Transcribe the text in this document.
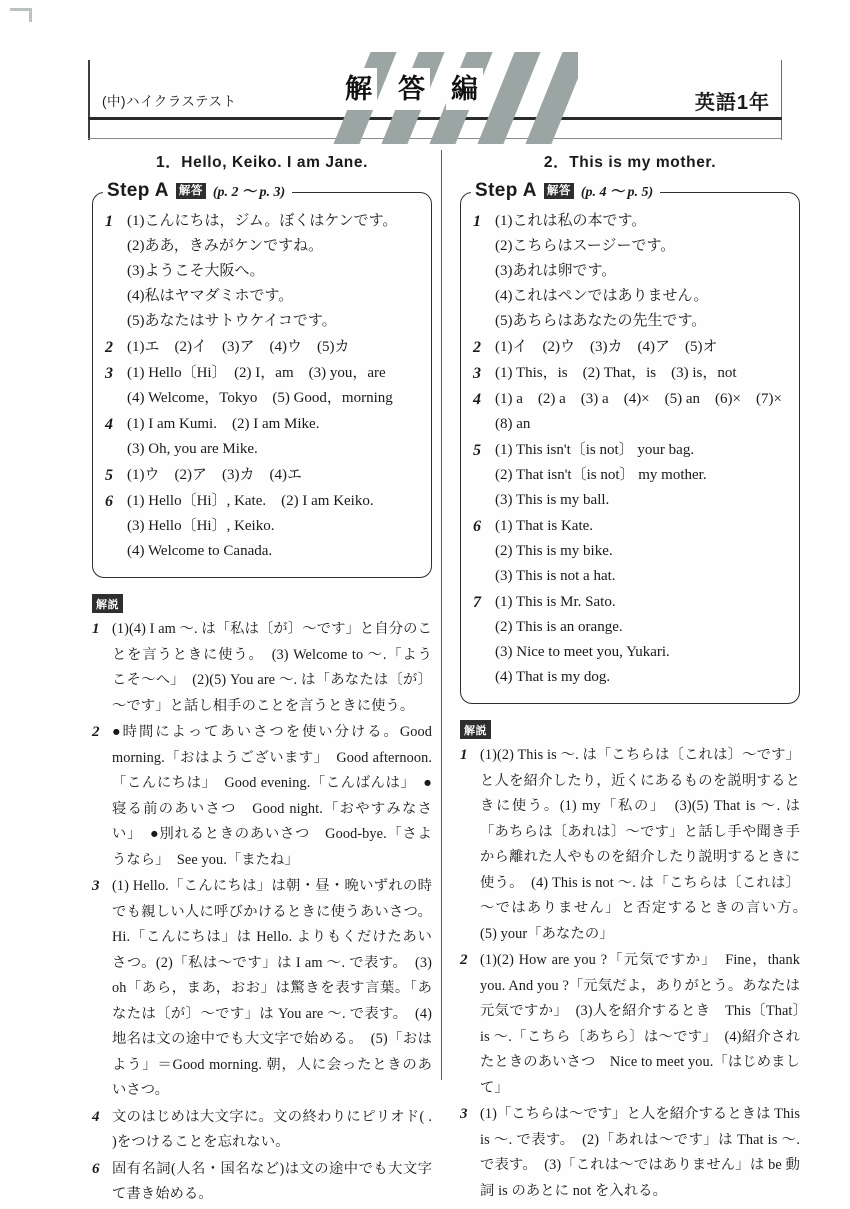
(中)ハイクラステスト	解 答 編	英語1年
1．Hello, Keiko. I am Jane.
Step A 解答 (p. 2 ～ p. 3)
1 (1)こんにちは，ジム。ぼくはケンです。
(2)ああ，きみがケンですね。
(3)ようこそ大阪へ。
(4)私はヤマダミホです。
(5)あなたはサトウケイコです。
2 (1)エ　(2)イ　(3)ア　(4)ウ　(5)カ
3 (1) Hello〔Hi〕　(2) I，am　(3) you，are
(4) Welcome，Tokyo　(5) Good，morning
4 (1) I am Kumi.　(2) I am Mike.
(3) Oh, you are Mike.
5 (1)ウ　(2)ア　(3)カ　(4)エ
6 (1) Hello〔Hi〕, Kate.　(2) I am Keiko.
(3) Hello〔Hi〕, Keiko.
(4) Welcome to Canada.
解説
1 (1)(4) I am ～. は「私は〔が〕～です」と自分のことを言うときに使う。　(3) Welcome to ～.「ようこそ～へ」　(2)(5) You are ～. は「あなたは〔が〕～です」と話し相手のことを言うときに使う。
2 ●時間によってあいさつを使い分ける。Good morning.「おはようございます」　Good afternoon.「こんにちは」　Good evening.「こんばんは」　●寝る前のあいさつ　Good night.「おやすみなさい」　●別れるときのあいさつ　Good-bye.「さようなら」　See you.「またね」
3 (1) Hello.「こんにちは」は朝・昼・晩いずれの時でも親しい人に呼びかけるときに使うあいさつ。Hi.「こんにちは」は Hello. よりもくだけたあいさつ。(2)「私は～です」は I am ～. で表す。　(3) oh「あら，まあ，おお」は驚きを表す言葉。「あなたは〔が〕～です」は You are ～. で表す。　(4)地名は文の途中でも大文字で始める。　(5)「おはよう」＝Good morning. 朝，人に会ったときのあいさつ。
4 文のはじめは大文字に。文の終わりにピリオド( . )をつけることを忘れない。
6 固有名詞(人名・国名など)は文の途中でも大文字て書き始める。
2．This is my mother.
Step A 解答 (p. 4 ～ p. 5)
1 (1)これは私の本です。
(2)こちらはスージーです。
(3)あれは卵です。
(4)これはペンではありません。
(5)あちらはあなたの先生です。
2 (1)イ　(2)ウ　(3)カ　(4)ア　(5)オ
3 (1) This，is　(2) That，is　(3) is，not
4 (1) a　(2) a　(3) a　(4)×　(5) an　(6)×　(7)×
(8) an
5 (1) This isn't〔is not〕 your bag.
(2) That isn't〔is not〕 my mother.
(3) This is my ball.
6 (1) That is Kate.
(2) This is my bike.
(3) This is not a hat.
7 (1) This is Mr. Sato.
(2) This is an orange.
(3) Nice to meet you, Yukari.
(4) That is my dog.
解説
1 (1)(2) This is ～. は「こちらは〔これは〕～です」と人を紹介したり，近くにあるものを説明するときに使う。(1) my「私の」　(3)(5) That is ～. は「あちらは〔あれは〕～です」と話し手や聞き手から離れた人やものを紹介したり説明するときに使う。　(4) This is not ～. は「こちらは〔これは〕～ではありません」と否定するときの言い方。　(5) your「あなたの」
2 (1)(2) How are you ?「元気ですか」　Fine，thank you. And you ?「元気だよ，ありがとう。あなたは元気ですか」　(3)人を紹介するとき　This〔That〕is ～.「こちら〔あちら〕は～です」　(4)紹介されたときのあいさつ　Nice to meet you.「はじめまして」
3 (1)「こちらは～です」と人を紹介するときは This is ～. で表す。　(2)「あれは～です」は That is ～. で表す。　(3)「これは～ではありません」は be 動詞 is のあとに not を入れる。
